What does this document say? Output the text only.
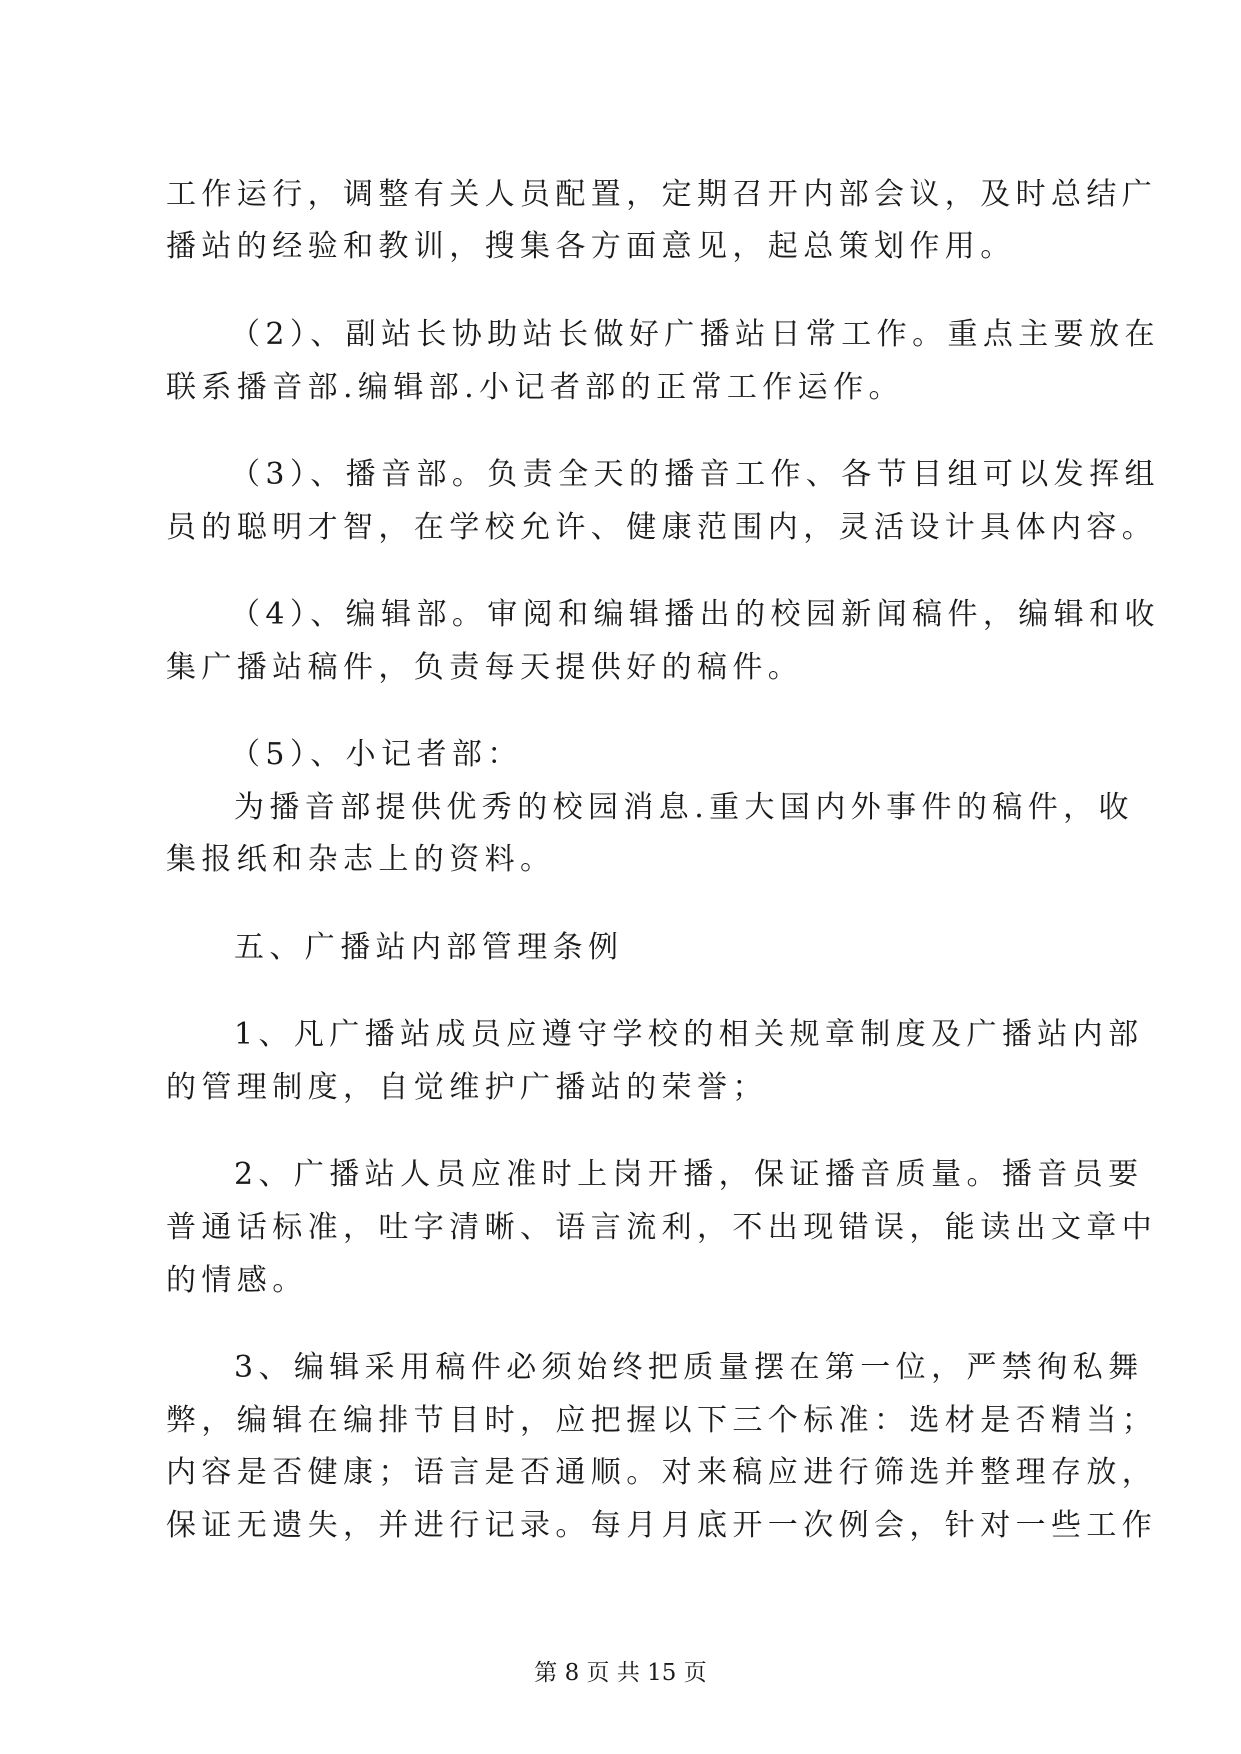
工作运行，调整有关人员配置，定期召开内部会议，及时总结广
播站的经验和教训，搜集各方面意见，起总策划作用。
（2）、副站长协助站长做好广播站日常工作。重点主要放在
联系播音部.编辑部.小记者部的正常工作运作。
（3）、播音部。负责全天的播音工作、各节目组可以发挥组
员的聪明才智，在学校允许、健康范围内，灵活设计具体内容。
（4）、编辑部。审阅和编辑播出的校园新闻稿件，编辑和收
集广播站稿件，负责每天提供好的稿件。
（5）、小记者部：
为播音部提供优秀的校园消息.重大国内外事件的稿件，收
集报纸和杂志上的资料。
五、广播站内部管理条例
1、凡广播站成员应遵守学校的相关规章制度及广播站内部
的管理制度，自觉维护广播站的荣誉；
2、广播站人员应准时上岗开播，保证播音质量。播音员要
普通话标准，吐字清晰、语言流利，不出现错误，能读出文章中
的情感。
3、编辑采用稿件必须始终把质量摆在第一位，严禁徇私舞
弊，编辑在编排节目时，应把握以下三个标准：选材是否精当；
内容是否健康；语言是否通顺。对来稿应进行筛选并整理存放，
保证无遗失，并进行记录。每月月底开一次例会，针对一些工作
第 8 页 共 15 页
